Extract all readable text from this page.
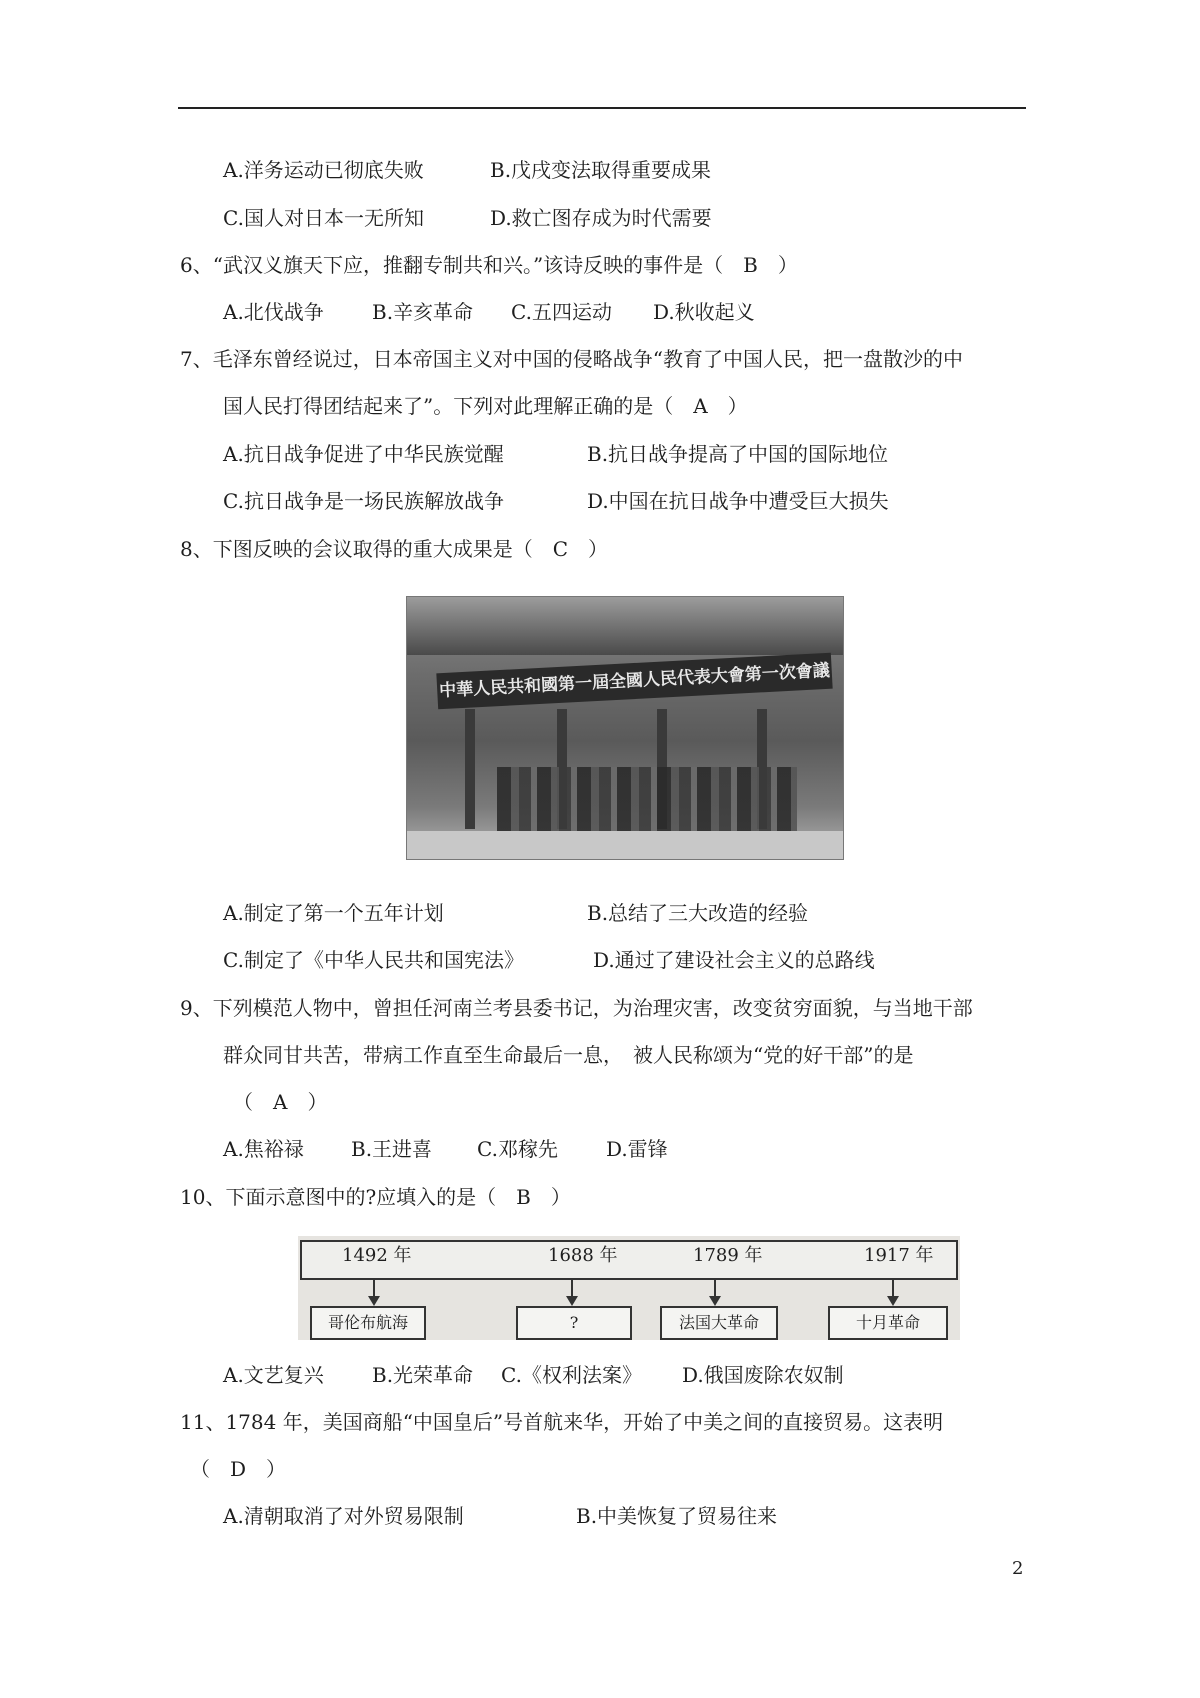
A.洋务运动已彻底失败	B.戊戌变法取得重要成果
C.国人对日本一无所知	D.救亡图存成为时代需要
6、“武汉义旗天下应，推翻专制共和兴。”该诗反映的事件是（　B　）
A.北伐战争 B.辛亥革命 C.五四运动 D.秋收起义
7、毛泽东曾经说过，日本帝国主义对中国的侵略战争“教育了中国人民，把一盘散沙的中
国人民打得团结起来了”。下列对此理解正确的是（　A　）
A.抗日战争促进了中华民族觉醒	B.抗日战争提高了中国的国际地位
C.抗日战争是一场民族解放战争	D.中国在抗日战争中遭受巨大损失
8、下图反映的会议取得的重大成果是（　C　）
中華人民共和國第一屆全國人民代表大會第一次會議
A.制定了第一个五年计划	B.总结了三大改造的经验
C.制定了《中华人民共和国宪法》	D.通过了建设社会主义的总路线
9、下列模范人物中，曾担任河南兰考县委书记，为治理灾害，改变贫穷面貌，与当地干部
群众同甘共苦，带病工作直至生命最后一息，　被人民称颂为“党的好干部”的是
（　A　）
A.焦裕禄 B.王进喜 C.邓稼先 D.雷锋
10、下面示意图中的?应填入的是（　B　）
1492 年	1688 年	1789 年	1917 年
哥伦布航海	?	法国大革命	十月革命
A.文艺复兴 B.光荣革命 C.《权利法案》 D.俄国废除农奴制
11、1784 年，美国商船“中国皇后”号首航来华，开始了中美之间的直接贸易。这表明
（　D　）
A.清朝取消了对外贸易限制	B.中美恢复了贸易往来
2
